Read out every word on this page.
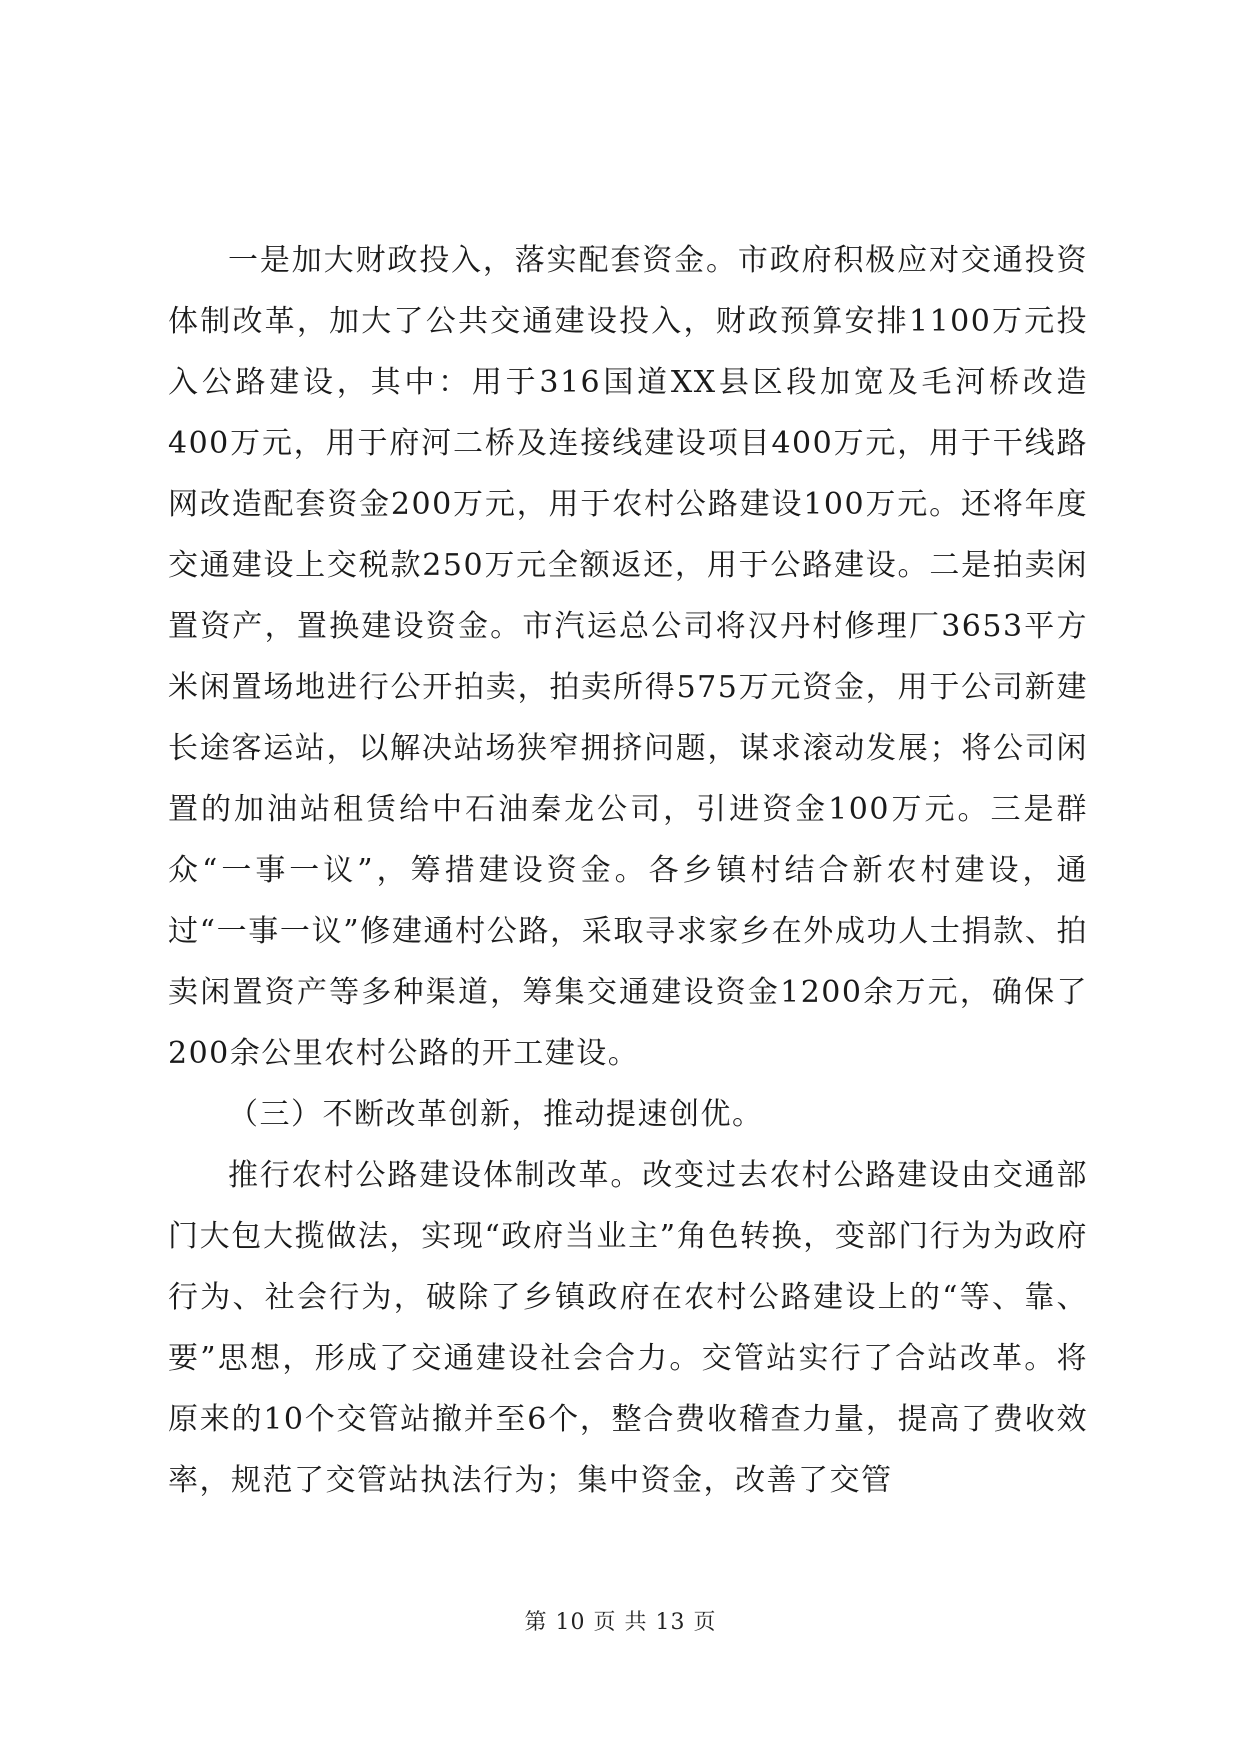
一是加大财政投入，落实配套资金。市政府积极应对交通投资体制改革，加大了公共交通建设投入，财政预算安排1100万元投入公路建设，其中：用于316国道XX县区段加宽及毛河桥改造400万元，用于府河二桥及连接线建设项目400万元，用于干线路网改造配套资金200万元，用于农村公路建设100万元。还将年度交通建设上交税款250万元全额返还，用于公路建设。二是拍卖闲置资产，置换建设资金。市汽运总公司将汉丹村修理厂3653平方米闲置场地进行公开拍卖，拍卖所得575万元资金，用于公司新建长途客运站，以解决站场狭窄拥挤问题，谋求滚动发展；将公司闲置的加油站租赁给中石油秦龙公司，引进资金100万元。三是群众“一事一议”，筹措建设资金。各乡镇村结合新农村建设，通过“一事一议”修建通村公路，采取寻求家乡在外成功人士捐款、拍卖闲置资产等多种渠道，筹集交通建设资金1200余万元，确保了200余公里农村公路的开工建设。

（三）不断改革创新，推动提速创优。

推行农村公路建设体制改革。改变过去农村公路建设由交通部门大包大揽做法，实现“政府当业主”角色转换，变部门行为为政府行为、社会行为，破除了乡镇政府在农村公路建设上的“等、靠、要”思想，形成了交通建设社会合力。交管站实行了合站改革。将原来的10个交管站撤并至6个，整合费收稽查力量，提高了费收效率，规范了交管站执法行为；集中资金，改善了交管

第 10 页 共 13 页
